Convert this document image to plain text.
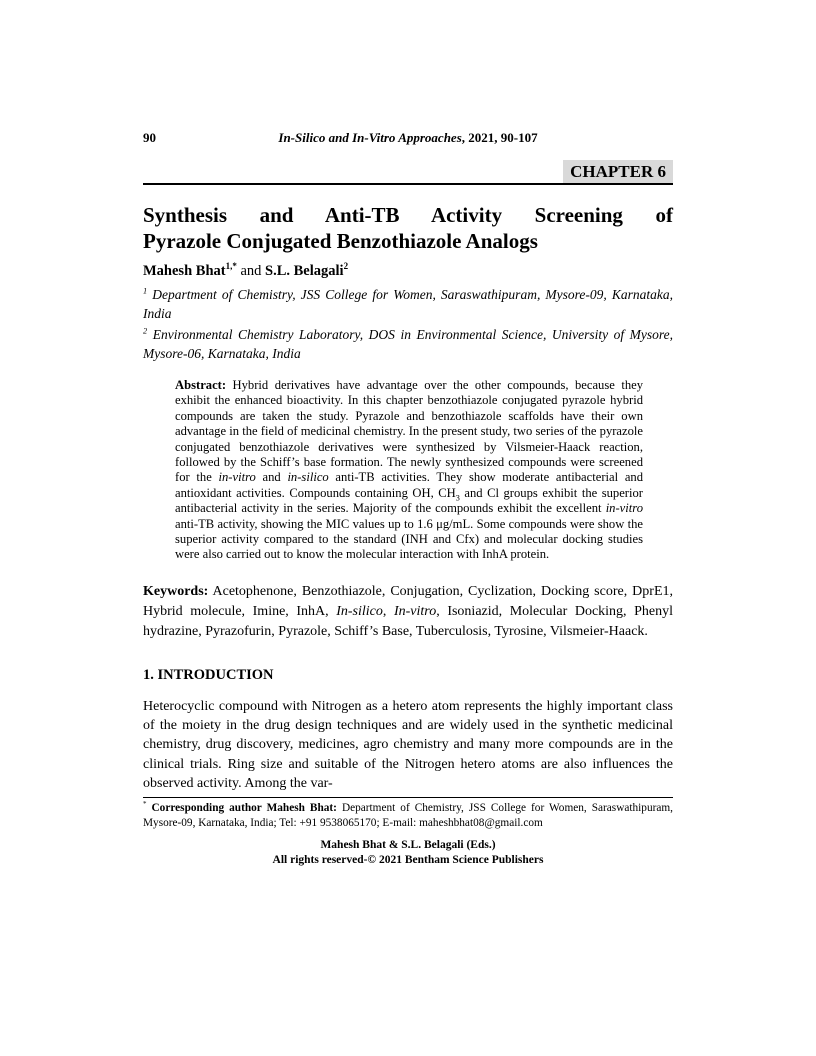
90	In-Silico and In-Vitro Approaches, 2021, 90-107
CHAPTER 6
Synthesis and Anti-TB Activity Screening of
Pyrazole Conjugated Benzothiazole Analogs
Mahesh Bhat$^{1,*}$ and S.L. Belagali$^2$
$^1$ Department of Chemistry, JSS College for Women, Saraswathipuram, Mysore-09, Karnataka, India
$^2$ Environmental Chemistry Laboratory, DOS in Environmental Science, University of Mysore, Mysore-06, Karnataka, India
Abstract: Hybrid derivatives have advantage over the other compounds, because they exhibit the enhanced bioactivity. In this chapter benzothiazole conjugated pyrazole hybrid compounds are taken the study. Pyrazole and benzothiazole scaffolds have their own advantage in the field of medicinal chemistry. In the present study, two series of the pyrazole conjugated benzothiazole derivatives were synthesized by Vilsmeier-Haack reaction, followed by the Schiff’s base formation. The newly synthesized compounds were screened for the in-vitro and in-silico anti-TB activities. They show moderate antibacterial and antioxidant activities. Compounds containing OH, $CH_3$ and Cl groups exhibit the superior antibacterial activity in the series. Majority of the compounds exhibit the excellent in-vitro anti-TB activity, showing the MIC values up to 1.6 μg/mL. Some compounds were show the superior activity compared to the standard (INH and Cfx) and molecular docking studies were also carried out to know the molecular interaction with InhA protein.
Keywords: Acetophenone, Benzothiazole, Conjugation, Cyclization, Docking score, DprE1, Hybrid molecule, Imine, InhA, In-silico, In-vitro, Isoniazid, Molecular Docking, Phenyl hydrazine, Pyrazofurin, Pyrazole, Schiff’s Base, Tuberculosis, Tyrosine, Vilsmeier-Haack.
1. INTRODUCTION
Heterocyclic compound with Nitrogen as a hetero atom represents the highly important class of the moiety in the drug design techniques and are widely used in the synthetic medicinal chemistry, drug discovery, medicines, agro chemistry and many more compounds are in the clinical trials. Ring size and suitable of the Nitrogen hetero atoms are also influences the observed activity. Among the var-
* Corresponding author Mahesh Bhat: Department of Chemistry, JSS College for Women, Saraswathipuram, Mysore-09, Karnataka, India; Tel: +91 9538065170; E-mail: maheshbhat08@gmail.com
Mahesh Bhat & S.L. Belagali (Eds.)
All rights reserved-© 2021 Bentham Science Publishers
